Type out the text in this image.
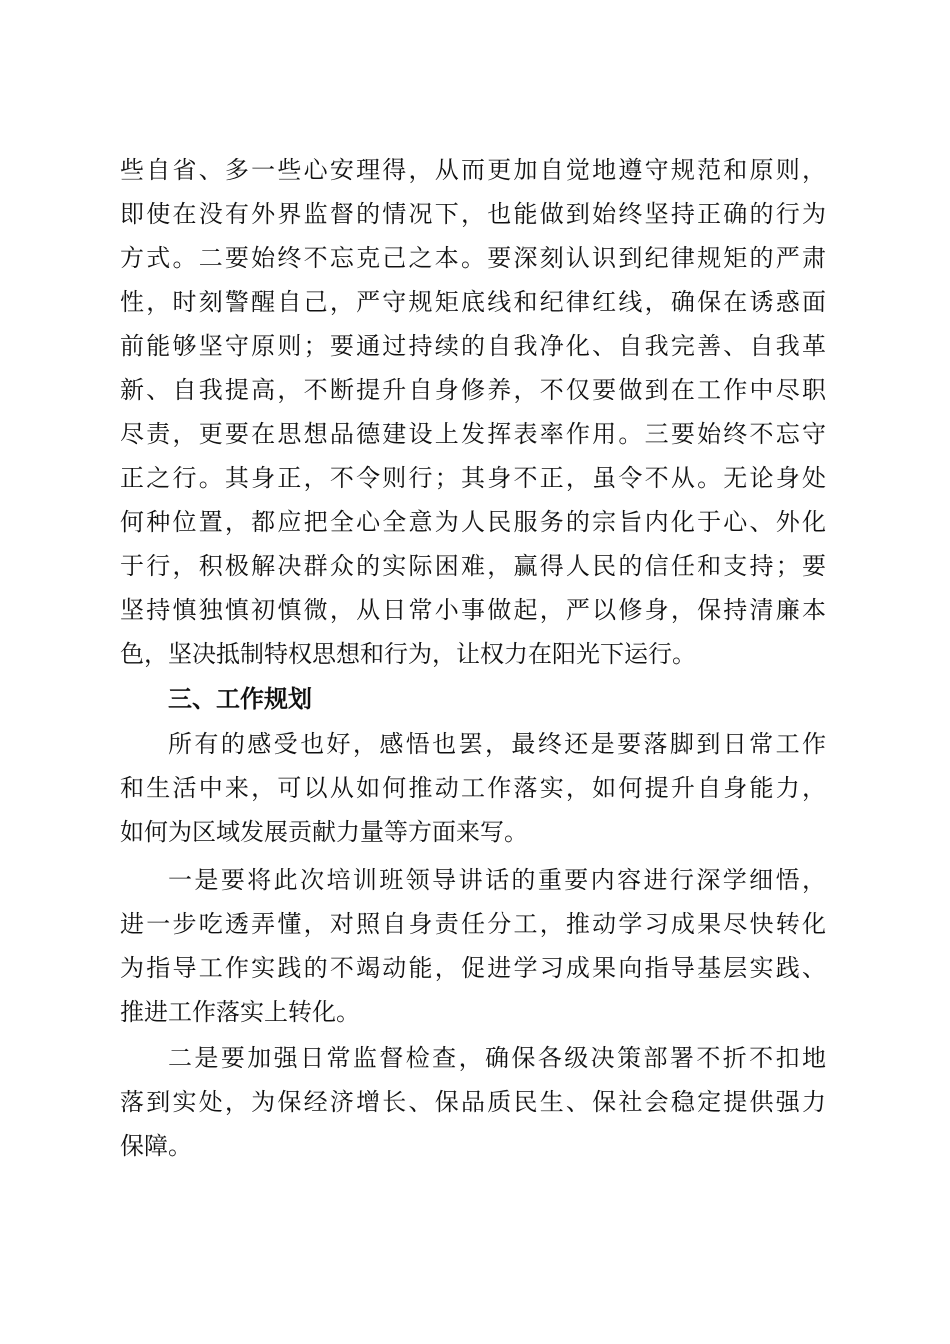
些自省、多一些心安理得，从而更加自觉地遵守规范和原则，
即使在没有外界监督的情况下，也能做到始终坚持正确的行为
方式。二要始终不忘克己之本。要深刻认识到纪律规矩的严肃
性，时刻警醒自己，严守规矩底线和纪律红线，确保在诱惑面
前能够坚守原则；要通过持续的自我净化、自我完善、自我革
新、自我提高，不断提升自身修养，不仅要做到在工作中尽职
尽责，更要在思想品德建设上发挥表率作用。三要始终不忘守
正之行。其身正，不令则行；其身不正，虽令不从。无论身处
何种位置，都应把全心全意为人民服务的宗旨内化于心、外化
于行，积极解决群众的实际困难，赢得人民的信任和支持；要
坚持慎独慎初慎微，从日常小事做起，严以修身，保持清廉本
色，坚决抵制特权思想和行为，让权力在阳光下运行。
三、工作规划
所有的感受也好，感悟也罢，最终还是要落脚到日常工作
和生活中来，可以从如何推动工作落实，如何提升自身能力，
如何为区域发展贡献力量等方面来写。
一是要将此次培训班领导讲话的重要内容进行深学细悟，
进一步吃透弄懂，对照自身责任分工，推动学习成果尽快转化
为指导工作实践的不竭动能，促进学习成果向指导基层实践、
推进工作落实上转化。
二是要加强日常监督检查，确保各级决策部署不折不扣地
落到实处，为保经济增长、保品质民生、保社会稳定提供强力
保障。
